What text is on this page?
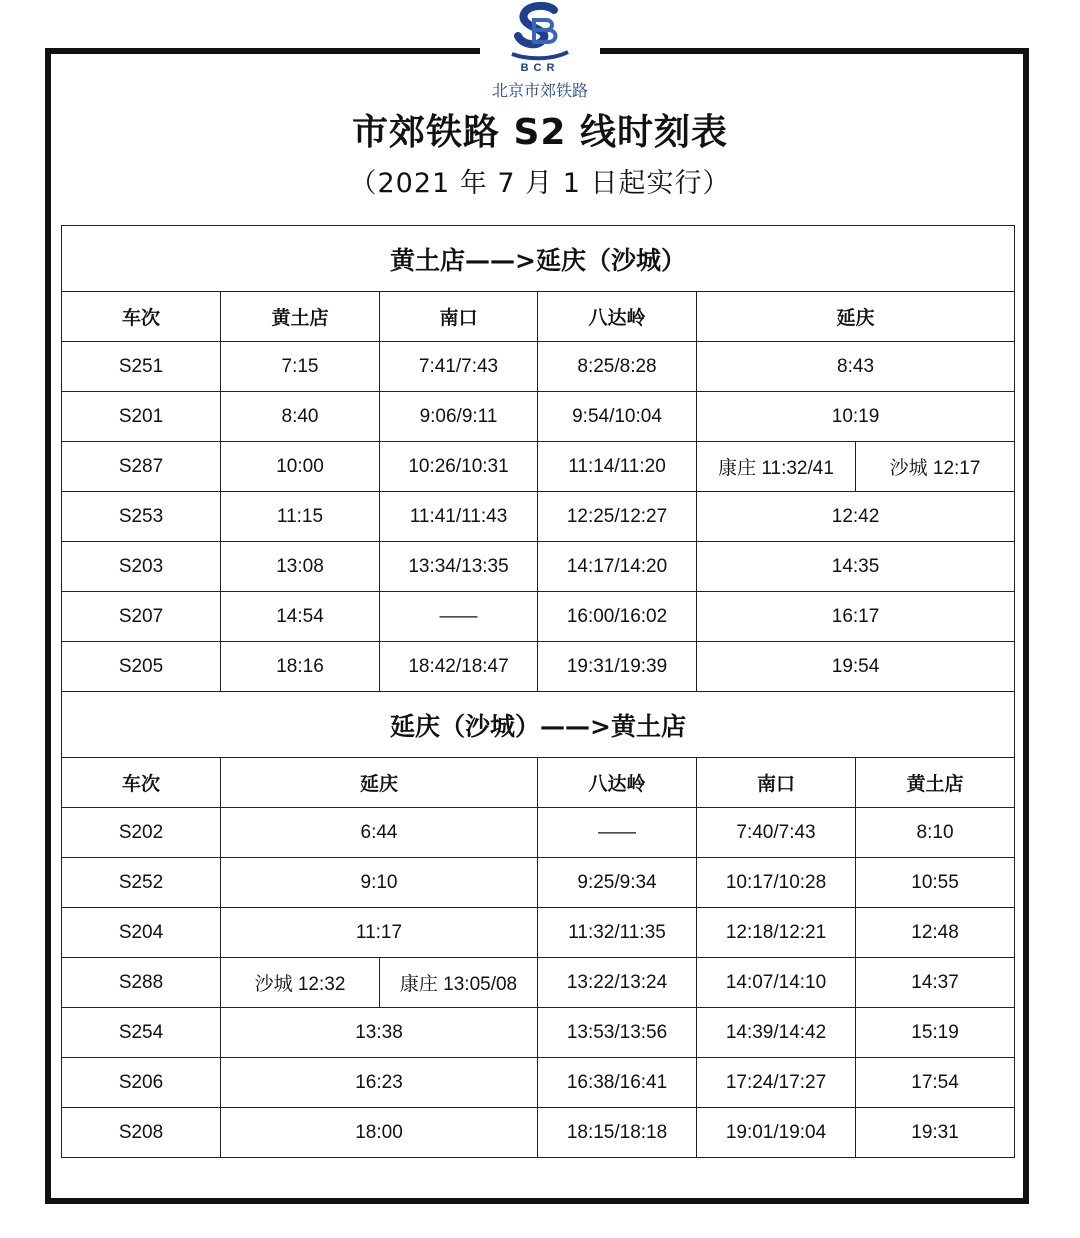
BCR
北京市郊铁路
市郊铁路 S2 线时刻表
（2021 年 7 月 1 日起实行）
黄土店——>延庆（沙城）					
车次	黄土店	南口	八达岭	延庆	
S251	7:15	7:41/7:43	8:25/8:28	8:43	
S201	8:40	9:06/9:11	9:54/10:04	10:19	
S287	10:00	10:26/10:31	11:14/11:20	康庄 11:32/41	沙城 12:17
S253	11:15	11:41/11:43	12:25/12:27	12:42	
S203	13:08	13:34/13:35	14:17/14:20	14:35	
S207	14:54	——	16:00/16:02	16:17	
S205	18:16	18:42/18:47	19:31/19:39	19:54	
延庆（沙城）——>黄土店					
车次	延庆		八达岭	南口	黄土店
S202	6:44		——	7:40/7:43	8:10
S252	9:10		9:25/9:34	10:17/10:28	10:55
S204	11:17		11:32/11:35	12:18/12:21	12:48
S288	沙城 12:32	康庄 13:05/08	13:22/13:24	14:07/14:10	14:37
S254	13:38		13:53/13:56	14:39/14:42	15:19
S206	16:23		16:38/16:41	17:24/17:27	17:54
S208	18:00		18:15/18:18	19:01/19:04	19:31
